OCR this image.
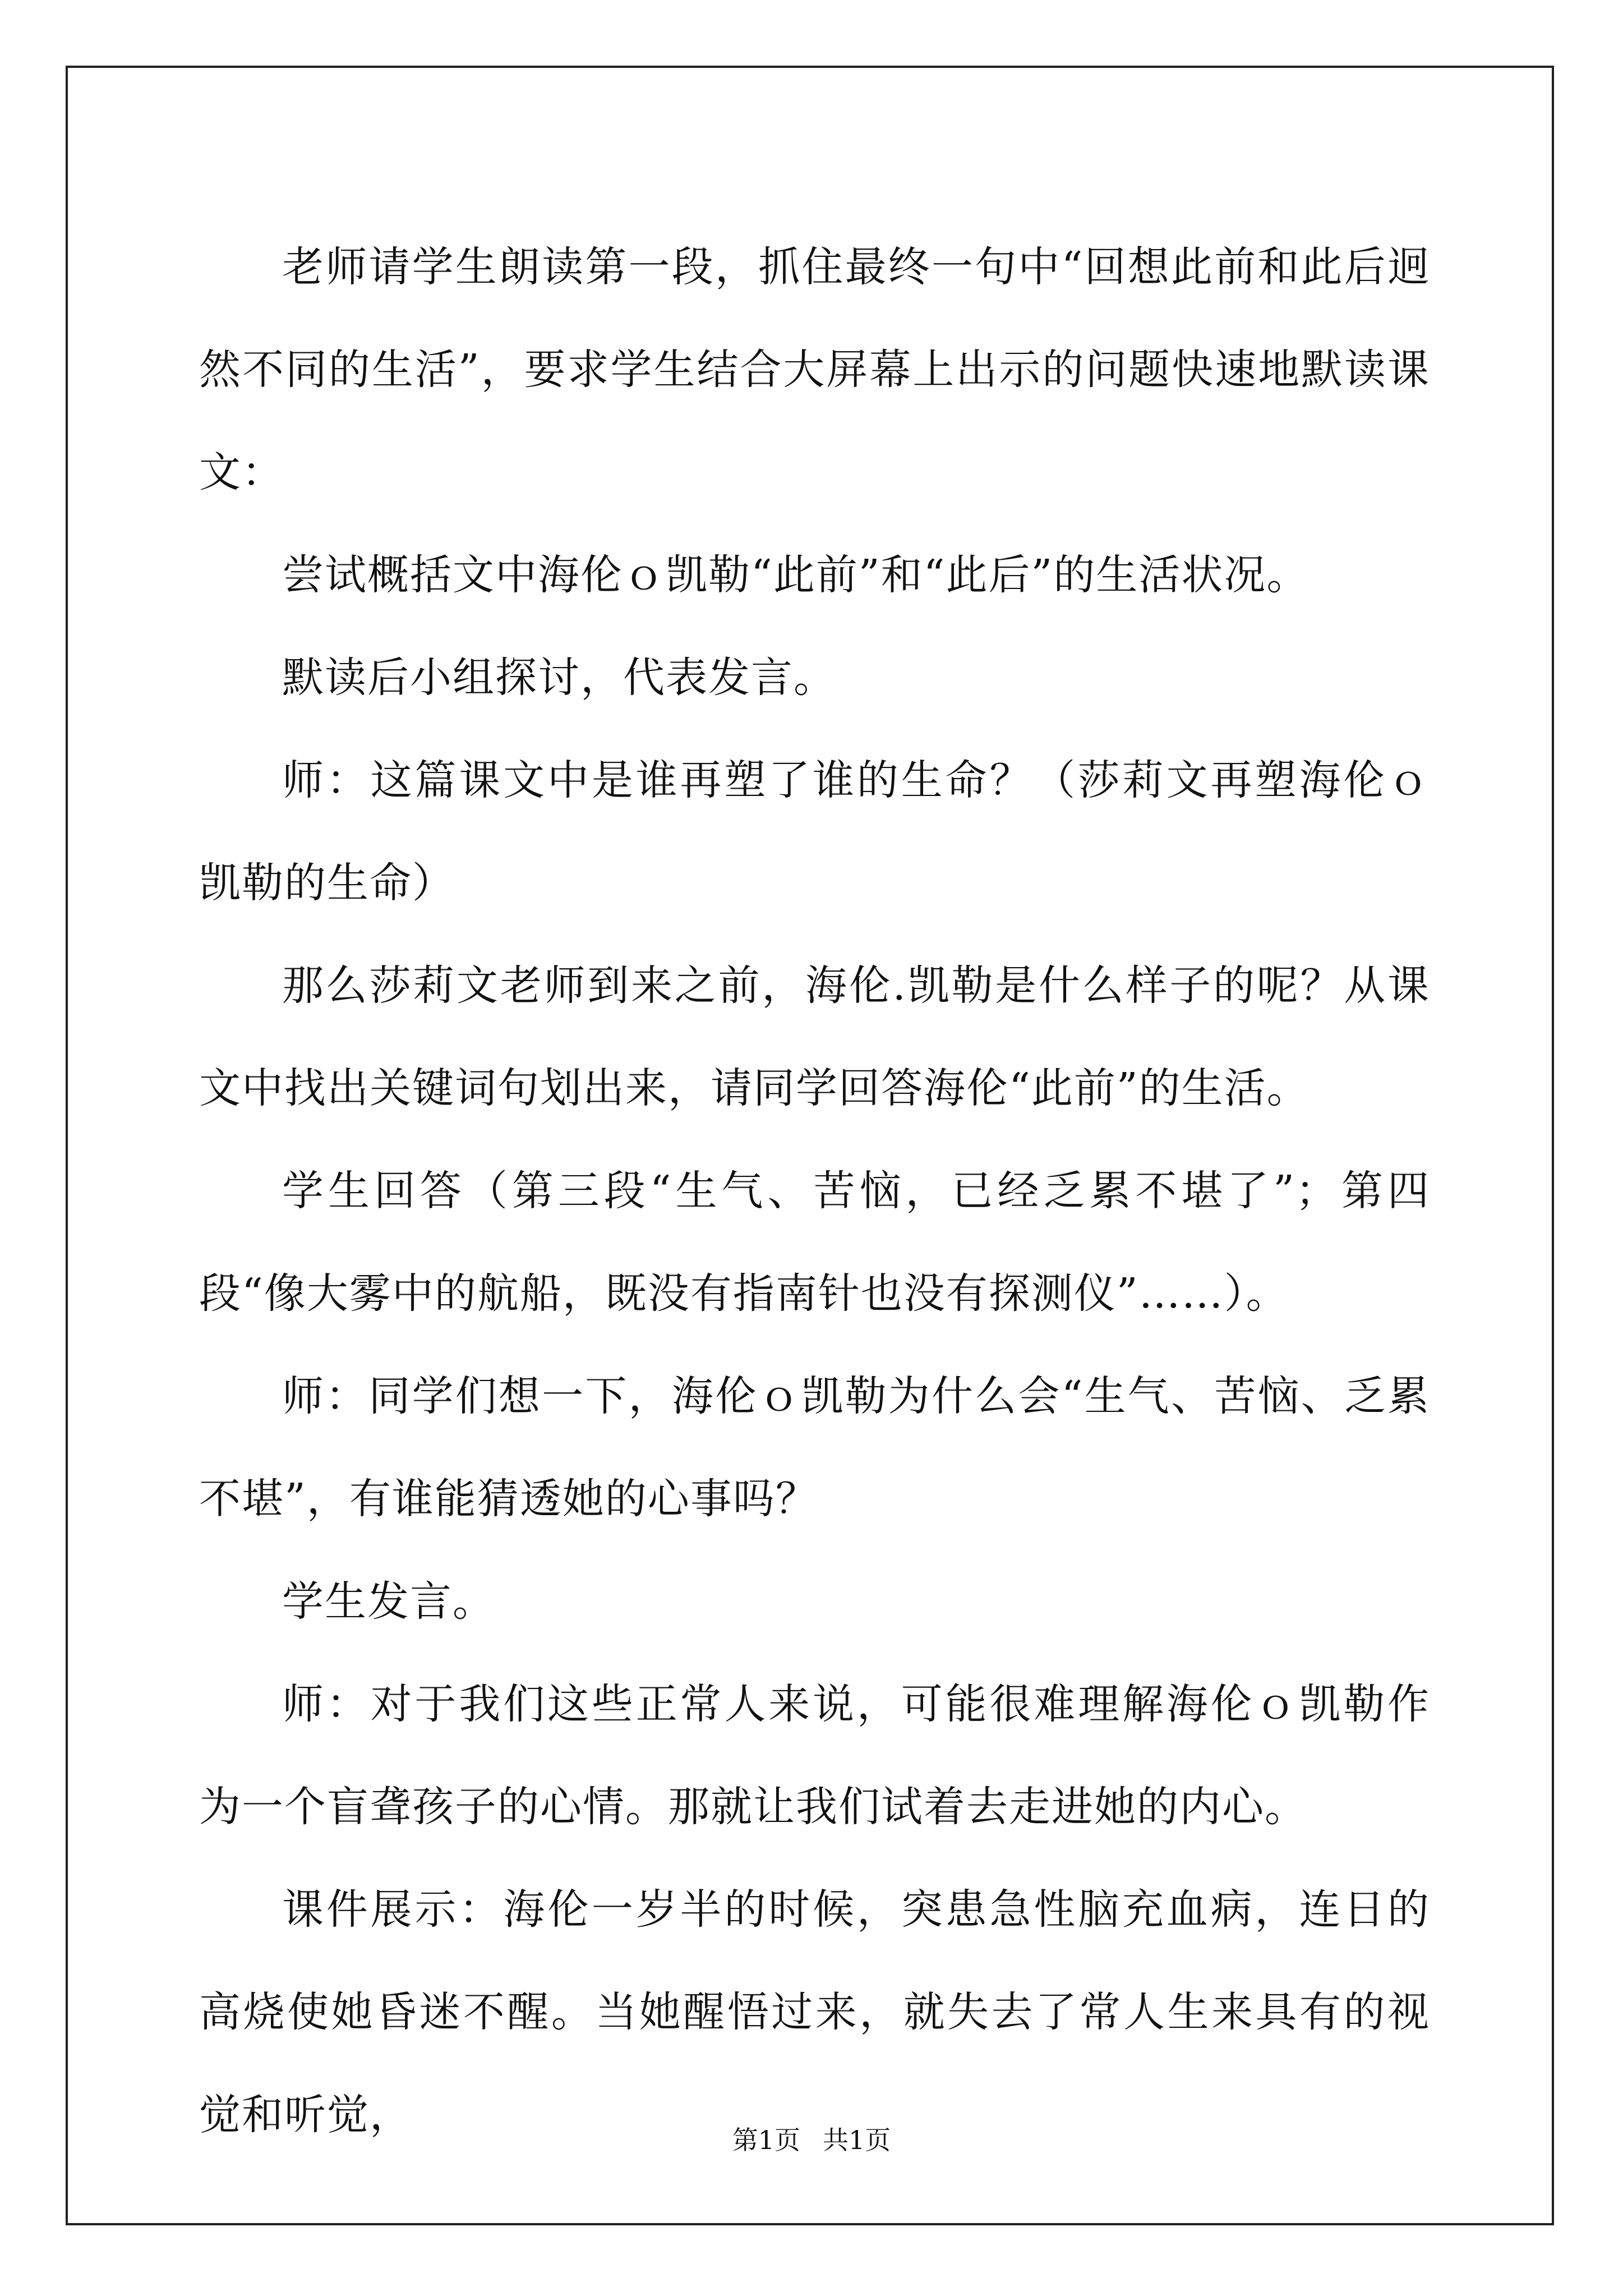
老师请学生朗读第一段，抓住最终一句中“回想此前和此后迥然不同的生活”，要求学生结合大屏幕上出示的问题快速地默读课文：

尝试概括文中海伦ｏ凯勒“此前”和“此后”的生活状况。

默读后小组探讨，代表发言。

师：这篇课文中是谁再塑了谁的生命？（莎莉文再塑海伦ｏ凯勒的生命）

那么莎莉文老师到来之前，海伦.凯勒是什么样子的呢？从课文中找出关键词句划出来，请同学回答海伦“此前”的生活。

学生回答（第三段“生气、苦恼，已经乏累不堪了”；第四段“像大雾中的航船，既没有指南针也没有探测仪”……）。

师：同学们想一下，海伦ｏ凯勒为什么会“生气、苦恼、乏累不堪”，有谁能猜透她的心事吗？

学生发言。

师：对于我们这些正常人来说，可能很难理解海伦ｏ凯勒作为一个盲聋孩子的心情。那就让我们试着去走进她的内心。

课件展示：海伦一岁半的时候，突患急性脑充血病，连日的高烧使她昏迷不醒。当她醒悟过来，就失去了常人生来具有的视觉和听觉，

第1页 共1页
